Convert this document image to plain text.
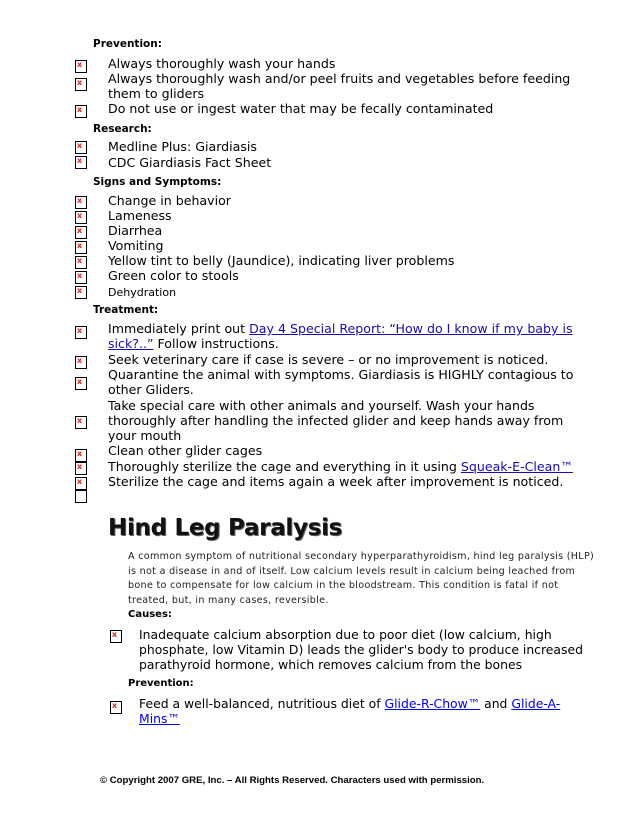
Prevention:
x Always thoroughly wash your hands
x Always thoroughly wash and/or peel fruits and vegetables before feeding them to gliders
x Do not use or ingest water that may be fecally contaminated
Research:
x Medline Plus: Giardiasis
x CDC Giardiasis Fact Sheet
Signs and Symptoms:
x Change in behavior
x Lameness
x Diarrhea
x Vomiting
x Yellow tint to belly (Jaundice), indicating liver problems
x Green color to stools
x Dehydration
Treatment:
x Immediately print out Day 4 Special Report: “How do I know if my baby is sick?..” Follow instructions.
x Seek veterinary care if case is severe – or no improvement is noticed.
x Quarantine the animal with symptoms. Giardiasis is HIGHLY contagious to other Gliders.
x
Take special care with other animals and yourself. Wash your hands thoroughly after handling the infected glider and keep hands away from your mouth
x Clean other glider cages
x Thoroughly sterilize the cage and everything in it using Squeak-E-Clean™
x Sterilize the cage and items again a week after improvement is noticed.
Hind Leg Paralysis
A common symptom of nutritional secondary hyperparathyroidism, hind leg paralysis (HLP) is not a disease in and of itself. Low calcium levels result in calcium being leached from bone to compensate for low calcium in the bloodstream. This condition is fatal if not treated, but, in many cases, reversible.
Causes:
x Inadequate calcium absorption due to poor diet (low calcium, high phosphate, low Vitamin D) leads the glider's body to produce increased parathyroid hormone, which removes calcium from the bones
Prevention:
x Feed a well-balanced, nutritious diet of Glide-R-Chow™ and Glide-A-Mins™
© Copyright 2007 GRE, Inc. – All Rights Reserved. Characters used with permission.
